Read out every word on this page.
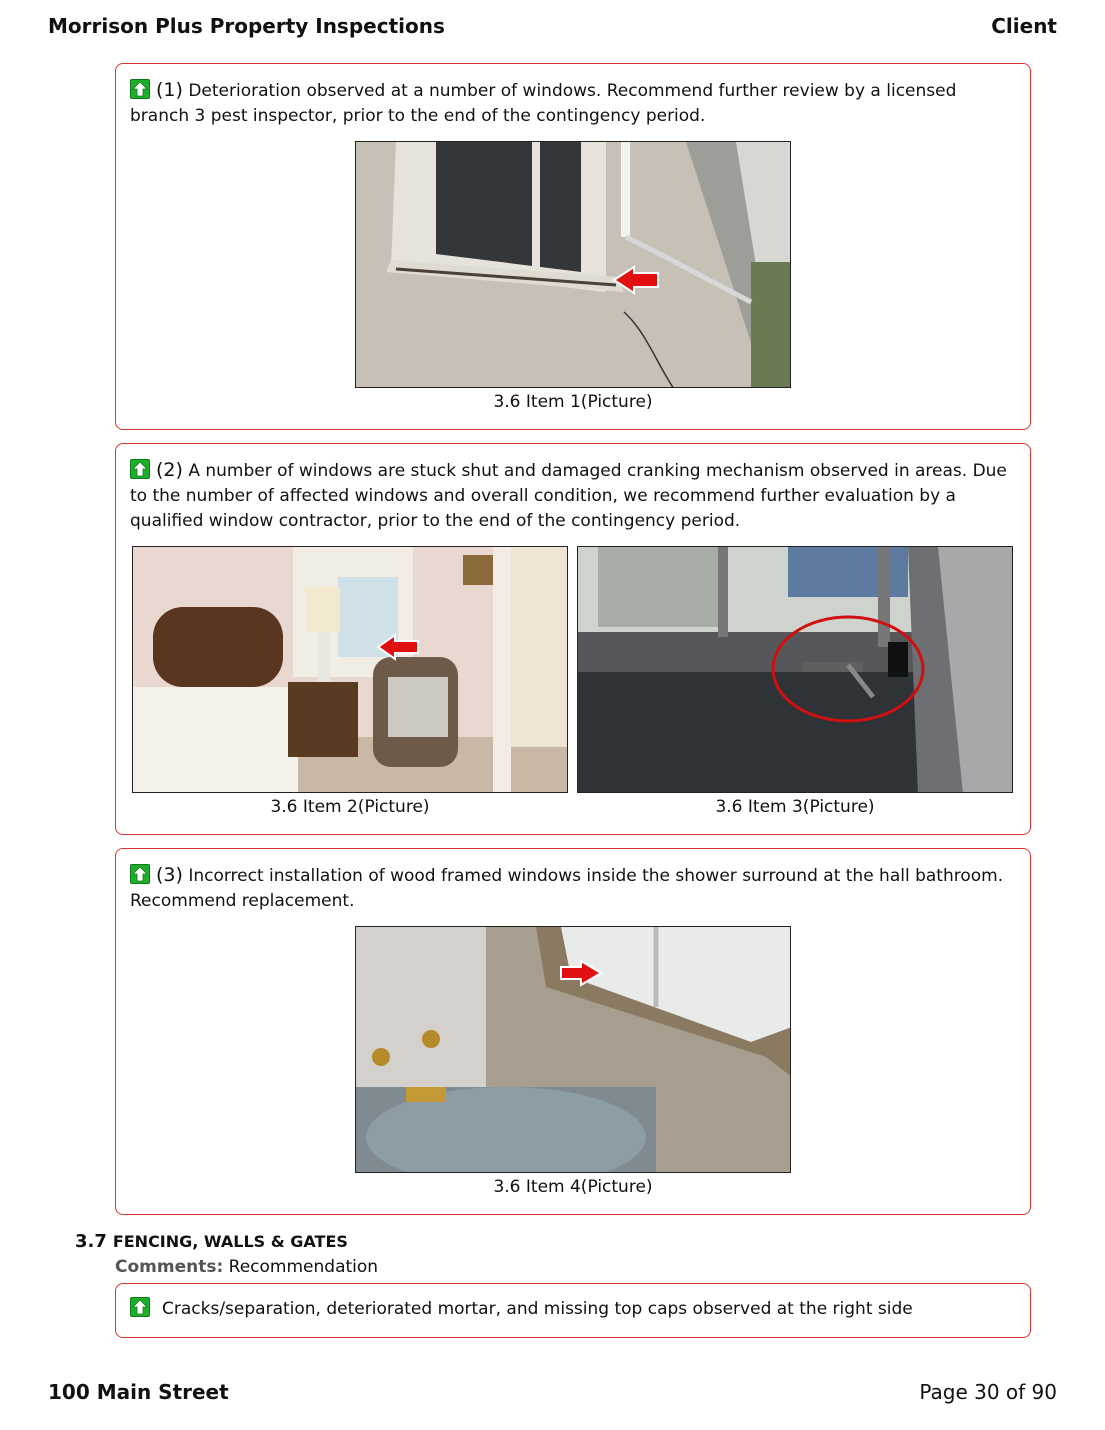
Morrison Plus Property Inspections	Client
(1) Deterioration observed at a number of windows. Recommend further review by a licensed branch 3 pest inspector, prior to the end of the contingency period.
3.6 Item 1(Picture)
(2) A number of windows are stuck shut and damaged cranking mechanism observed in areas. Due to the number of affected windows and overall condition, we recommend further evaluation by a qualified window contractor, prior to the end of the contingency period.
3.6 Item 2(Picture)	3.6 Item 3(Picture)
(3) Incorrect installation of wood framed windows inside the shower surround at the hall bathroom. Recommend replacement.
3.6 Item 4(Picture)
3.7 FENCING, WALLS & GATES
Comments: Recommendation
Cracks/separation, deteriorated mortar, and missing top caps observed at the right side
100 Main Street	Page 30 of 90
